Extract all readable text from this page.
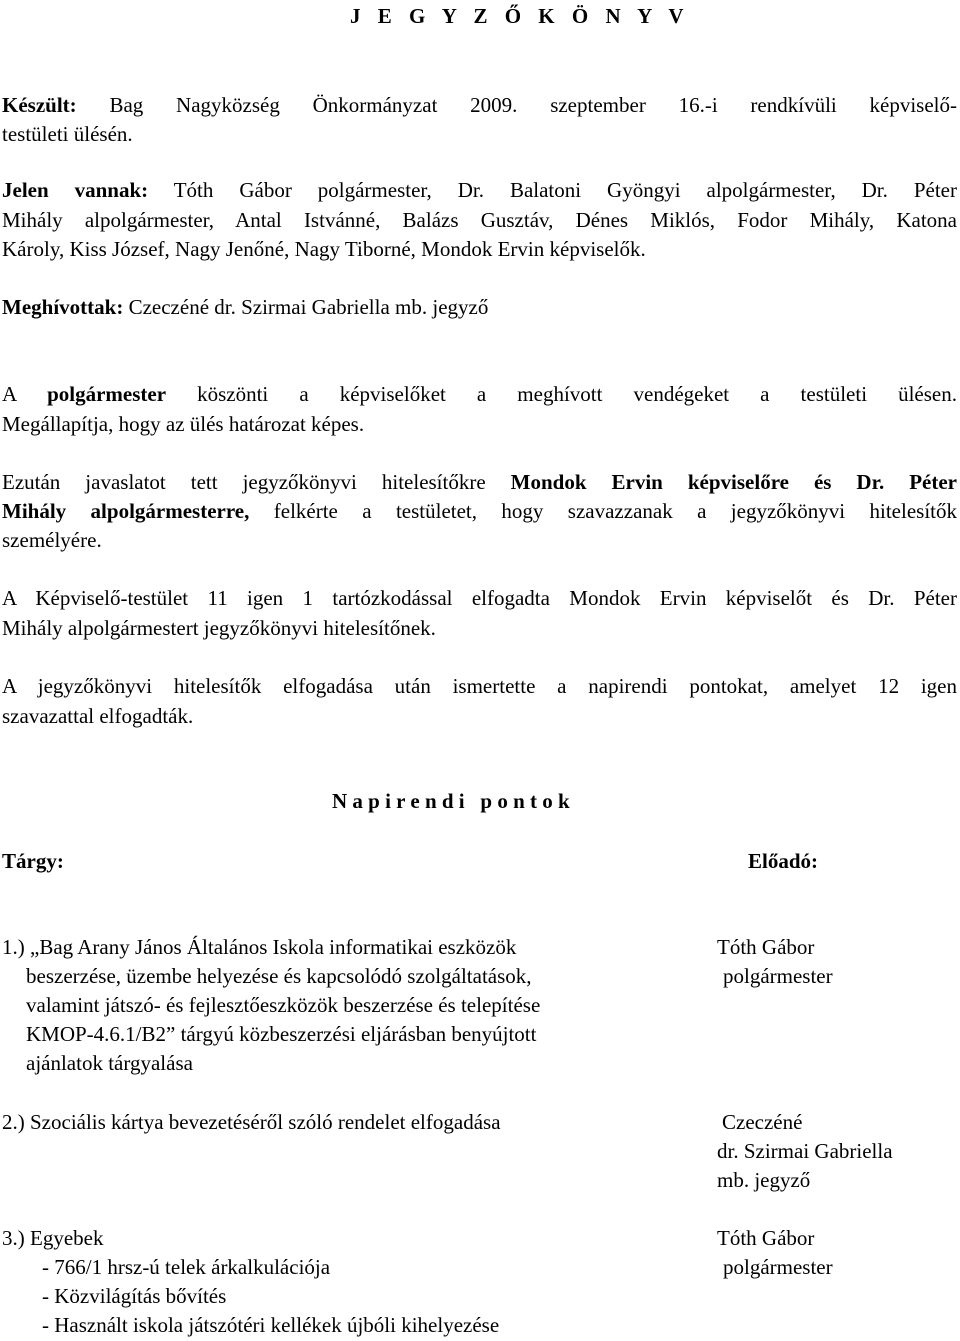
J E G Y Z Ő K Ö N Y V
Készült: Bag Nagyközség Önkormányzat 2009. szeptember 16.-i rendkívüli képviselő-
testületi ülésén.
Jelen vannak: Tóth Gábor polgármester, Dr. Balatoni Gyöngyi alpolgármester, Dr. Péter
Mihály alpolgármester, Antal Istvánné, Balázs Gusztáv, Dénes Miklós, Fodor Mihály, Katona
Károly, Kiss József, Nagy Jenőné, Nagy Tiborné, Mondok Ervin képviselők.
Meghívottak: Czeczéné dr. Szirmai Gabriella mb. jegyző
A polgármester köszönti a képviselőket a meghívott vendégeket a testületi ülésen.
Megállapítja, hogy az ülés határozat képes.
Ezután javaslatot tett jegyzőkönyvi hitelesítőkre Mondok Ervin képviselőre és Dr. Péter
Mihály alpolgármesterre, felkérte a testületet, hogy szavazzanak a jegyzőkönyvi hitelesítők
személyére.
A Képviselő-testület 11 igen 1 tartózkodással elfogadta Mondok Ervin képviselőt és Dr. Péter
Mihály alpolgármestert jegyzőkönyvi hitelesítőnek.
A jegyzőkönyvi hitelesítők elfogadása után ismertette a napirendi pontokat, amelyet 12 igen
szavazattal elfogadták.
N a p i r e n d i   p o n t o k
Tárgy:	Előadó:
1.) „Bag Arany János Általános Iskola informatikai eszközök
beszerzése, üzembe helyezése és kapcsolódó szolgáltatások,
valamint játszó- és fejlesztőeszközök beszerzése és telepítése
KMOP-4.6.1/B2” tárgyú közbeszerzési eljárásban benyújtott
ajánlatok tárgyalása
Tóth Gábor
polgármester
2.) Szociális kártya bevezetéséről szóló rendelet elfogadása	Czeczéné
dr. Szirmai Gabriella
mb. jegyző
3.) Egyebek
- 766/1 hrsz-ú telek árkalkulációja
- Közvilágítás bővítés
- Használt iskola játszótéri kellékek újbóli kihelyezése
Tóth Gábor
polgármester
